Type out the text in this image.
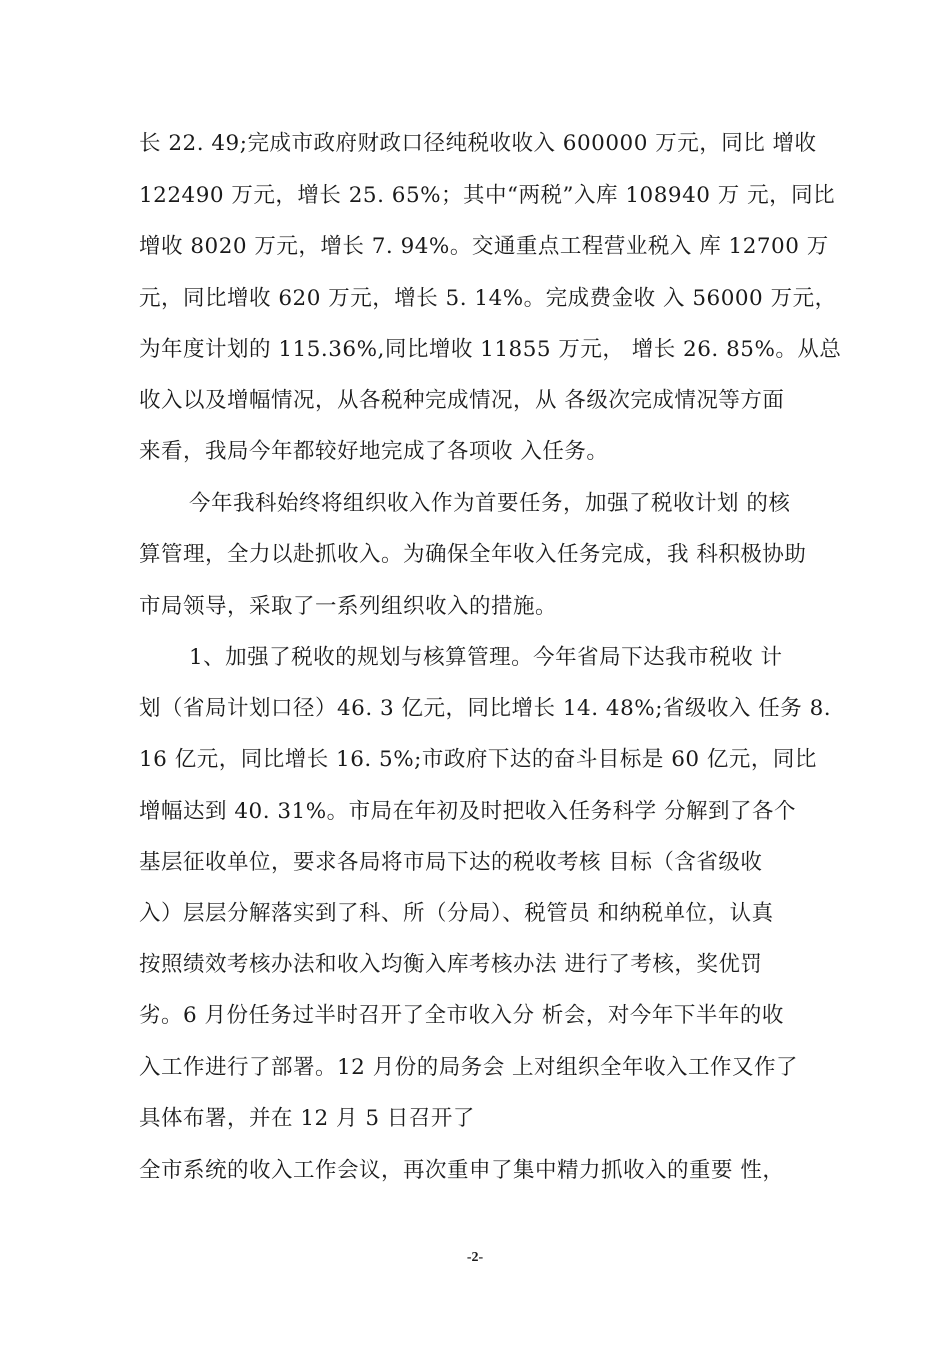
长 22. 49;完成市政府财政口径纯税收收入 600000 万元，同比 增收
122490 万元，增长 25. 65%；其中“两税”入库 108940 万 元，同比
增收 8020 万元，增长 7. 94%。交通重点工程营业税入 库 12700 万
元，同比增收 620 万元，增长 5. 14%。完成费金收 入 56000 万元，
为年度计划的 115.36%,同比增收 11855 万元， 增长 26. 85%。从总
收入以及增幅情况，从各税种完成情况，从 各级次完成情况等方面
来看，我局今年都较好地完成了各项收 入任务。
今年我科始终将组织收入作为首要任务，加强了税收计划 的核
算管理，全力以赴抓收入。为确保全年收入任务完成，我 科积极协助
市局领导，采取了一系列组织收入的措施。
1、加强了税收的规划与核算管理。今年省局下达我市税收 计
划（省局计划口径）46. 3 亿元，同比增长 14. 48%;省级收入 任务 8.
16 亿元，同比增长 16. 5%;市政府下达的奋斗目标是 60 亿元，同比
增幅达到 40. 31%。市局在年初及时把收入任务科学 分解到了各个
基层征收单位，要求各局将市局下达的税收考核 目标（含省级收
入）层层分解落实到了科、所（分局）、税管员 和纳税单位，认真
按照绩效考核办法和收入均衡入库考核办法 进行了考核，奖优罚
劣。6 月份任务过半时召开了全市收入分 析会，对今年下半年的收
入工作进行了部署。12 月份的局务会 上对组织全年收入工作又作了
具体布署，并在 12 月 5 日召开了
全市系统的收入工作会议，再次重申了集中精力抓收入的重要 性，
-2-
